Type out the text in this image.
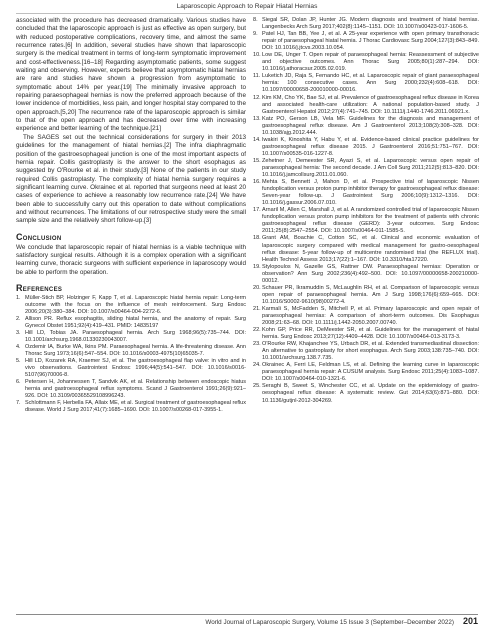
Laparoscopic Approach to Repair Hiatal Hernias

associated with the procedure has decreased dramatically. Various studies have concluded that the laparoscopic approach is just as effective as open surgery, but with reduced postoperative complications, recovery time, and almost the same recurrence rates.[6] In addition, several studies have shown that laparoscopic surgery is the medical treatment in terms of long-term symptomatic improvement and cost-effectiveness.[16–18] Regarding asymptomatic patients, some suggest waiting and observing. However, experts believe that asymptomatic hiatal hernias are rare and studies have shown a progression from asymptomatic to symptomatic about 14% per year.[19] The minimally invasive approach to repairing paraesophageal hernias is now the preferred approach because of the lower incidence of morbidities, less pain, and longer hospital stay compared to the open approach.[5,20] The recurrence rate of the laparoscopic approach is similar to that of the open approach and has decreased over time with increasing experience and better learning of the technique.[21]

The SAGES set out the technical considerations for surgery in their 2013 guidelines for the management of hiatal hernias.[2] The infra diaphragmatic position of the gastroesophageal junction is one of the most important aspects of hernia repair. Collis gastroplasty is the answer to the short esophagus as suggested by O'Rourke et al. in their study.[3] None of the patients in our study required Collis gastroplasty. The complexity of hiatal hernia surgery requires a significant learning curve. Okrainec et al. reported that surgeons need at least 20 cases of experience to achieve a reasonably low recurrence rate.[24] We have been able to successfully carry out this operation to date without complications and without recurrences. The limitations of our retrospective study were the small sample size and the relatively short follow-up.[3]

Conclusion

We conclude that laparoscopic repair of hiatal hernias is a viable technique with satisfactory surgical results. Although it is a complex operation with a significant learning curve, thoracic surgeons with sufficient experience in laparoscopy would be able to perform the operation.

References
1. Müller-Stich BP, Holzinger F, Kapp T, et al. Laparoscopic hiatal hernia repair: Long-term outcome with the focus on the influence of mesh reinforcement. Surg Endosc 2006;20(3):380–384. DOI: 10.1007/s00464-004-2272-6.
2. Allison PR. Reflux esophagitis, sliding hiatal hernia, and the anatomy of repair. Surg Gynecol Obstet 1951;92(4):419–431. PMID: 14835197
3. Hill LD, Tobias JA. Paraesophageal hernia. Arch Surg 1968;96(5):735–744. DOI: 10.1001/archsurg.1968.01330230043007.
4. Ozdemir IA, Burke WA, Ikins PM. Paraesophageal hernia. A life-threatening disease. Ann Thorac Surg 1973;16(6):547–554. DOI: 10.1016/s0003-4975(10)65035-7.
5. Hill LD, Kozarek RA, Kraemer SJ, et al. The gastroesophageal flap valve: in vitro and in vivo observations. Gastrointest Endosc 1996;44(5):541–547. DOI: 10.1016/s0016-5107(96)70006-8.
6. Petersen H, Johannessen T, Sandvik AK, et al. Relationship between endoscopic hiatus hernia and gastroesophageal reflux symptoms. Scand J Gastroenterol 1991;26(9):921–926. DOI: 10.3109/00365529108996243.
7. Schlottmann F, Herbella FA, Allaix ME, et al. Surgical treatment of gastroesophageal reflux disease. World J Surg 2017;41(7):1685–1690. DOI: 10.1007/s00268-017-3955-1.
8. Siegal SR, Dolan JP, Hunter JG. Modern diagnosis and treatment of hiatal hernias. Langenbecks Arch Surg 2017;402(8):1145–1151. DOI: 10.1007/s00423-017-1606-5.
9. Patel HJ, Tan BB, Yee J, et al. A 25-year experience with open primary transthoracic repair of paraesophageal hiatal hernia. J Thorac Cardiovasc Surg 2004;127(3):843–849. DOI: 10.1016/j.jtcvs.2003.10.054.
10. Low DE, Unger T. Open repair of paraesophageal hernia: Reassessment of subjective and objective outcomes. Ann Thorac Surg 2005;80(1):287–294. DOI: 10.1016/j.athoracsur.2005.02.019.
11. Luketich JD, Raja S, Fernando HC, et al. Laparoscopic repair of giant paraesophageal hernia: 100 consecutive cases. Ann Surg 2000;232(4):608–618. DOI: 10.1097/00000658-200010000-00016.
12. Kim KM, Cho YK, Bae SJ, et al. Prevalence of gastroesophageal reflux disease in Korea and associated health-care utilization: A national population-based study. J Gastroenterol Hepatol 2012;27(4):741–745. DOI: 10.1111/j.1440-1746.2011.06921.x.
13. Katz PO, Gerson LB, Vela MF. Guidelines for the diagnosis and management of gastroesophageal reflux disease. Am J Gastroenterol 2013;108(3):308–328. DOI: 10.1038/ajg.2012.444.
14. Iwakiri K, Kinoshita Y, Habu Y, et al. Evidence-based clinical practice guidelines for gastroesophageal reflux disease 2015. J Gastroenterol 2016;51:751–767. DOI: 10.1007/s00535-016-1227-8.
15. Zehetner J, Demeester SR, Ayazi S, et al. Laparoscopic versus open repair of paraesophageal hernia: The second decade. J Am Coll Surg 2011;212(5):813–820. DOI: 10.1016/j.jamcollsurg.2011.01.060.
16. Mehta S, Bennett J, Mahon D, et al. Prospective trial of laparoscopic Nissen fundoplication versus proton pump inhibitor therapy for gastroesophageal reflux disease: Seven-year follow-up. J Gastrointest Surg 2006;10(9):1312–1316. DOI: 10.1016/j.gassur.2006.07.010.
17. Arnaril M, Allen C, Marshall J, et al. A randomized controlled trial of laparoscopic Nissen fundoplication versus proton pump inhibitors for the treatment of patients with chronic gastroesophageal reflux disease (GERD): 3-year outcomes. Surg Endosc 2011;25(8):2547–2554. DOI: 10.1007/s00464-011-1585-5.
18. Grant AM, Boachie C, Cotton SC, et al. Clinical and economic evaluation of laparoscopic surgery compared with medical management for gastro-oesophageal reflux disease: 5-year follow-up of multicentre randomised trial (the REFLUX trial). Health Technol Assess 2013;17(22):1–167. DOI: 10.3310/hta17220.
19. Stylopoulos N, Gazelle GS, Rattner DW. Paraesophageal hernias: Operation or observation? Ann Surg 2002;236(4):492–500. DOI: 10.1097/00000658-200210000-00012.
20. Schauer PR, Ikramuddin S, McLaughlin RH, et al. Comparison of laparoscopic versus open repair of paraesophageal hernia. Am J Surg 1998;176(6):659–665. DOI: 10.1016/S0002-9610(98)00272-4.
21. Karmali S, McFadden S, Mitchell P, et al. Primary laparoscopic and open repair of paraesophageal hernias: A comparison of short-term outcomes. Dis Esophagus 2008;21:63–68. DOI: 10.1111/j.1442-2050.2007.00740.
22. Kohn GP, Price RR, DeMeester SR, et al. Guidelines for the management of hiatal hernia. Surg Endosc 2013;27(12):4409–4428. DOI: 10.1007/s00464-013-3173-3.
23. O'Rourke RW, Khajanchee YS, Urbach DR, et al. Extended transmediastinal dissection: An alternative to gastroplasty for short esophagus. Arch Surg 2003;138:735–740. DOI: 10.1001/archsurg.138.7.735.
24. Okrainec A, Ferri LE, Feldman LS, et al. Defining the learning curve in laparoscopic paraesophageal hernia repair: A CUSUM analysis. Surg Endosc 2011;25(4):1083–1087. DOI: 10.1007/s00464-010-1321-6.
25. Seraghi B, Sweet S, Winchester CC, et al. Update on the epidemiology of gastro-oesophageal reflux disease: A systematic review. Gut 2014;63(6):871–880. DOI: 10.1136/gutjnl-2012-304269.
World Journal of Laparoscopic Surgery, Volume 15 Issue 3 (September–December 2022) 201
